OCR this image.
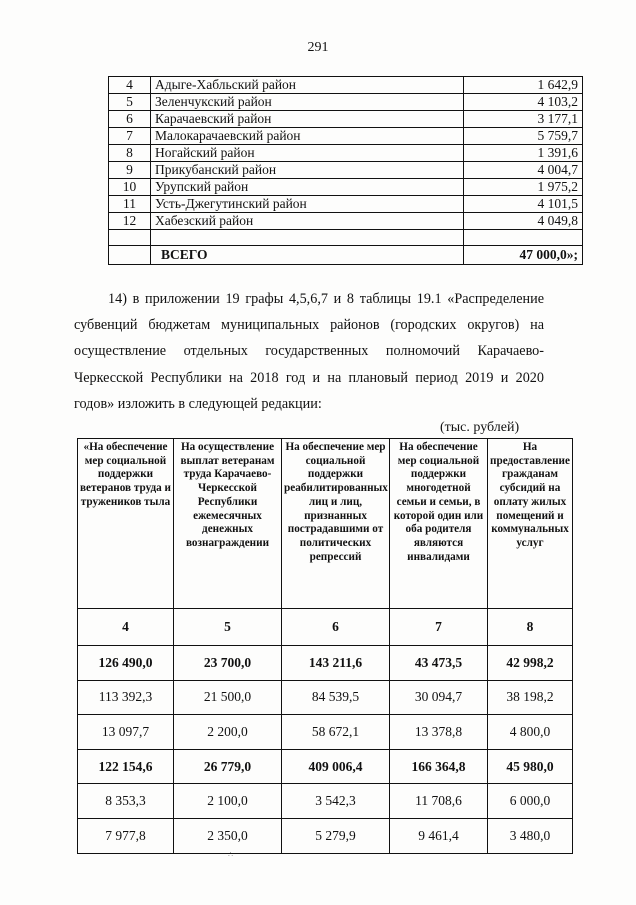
291
4	Адыге-Хабльский район	1 642,9
5	Зеленчукский район	4 103,2
6	Карачаевский район	3 177,1
7	Малокарачаевский район	5 759,7
8	Ногайский район	1 391,6
9	Прикубанский район	4 004,7
10	Урупский район	1 975,2
11	Усть-Джегутинский район	4 101,5
12	Хабезский район	4 049,8

	ВСЕГО	47 000,0»;
14) в приложении 19 графы 4,5,6,7 и 8 таблицы 19.1 «Распределение субвенций бюджетам муниципальных районов (городских округов) на осуществление отдельных государственных полномочий Карачаево-Черкесской Республики на 2018 год и на плановый период 2019 и 2020 годов» изложить в следующей редакции:
(тыс. рублей)
«На обеспечение мер социальной поддержки ветеранов труда и тружеников тыла	На осуществление выплат ветеранам труда Карачаево-Черкесской Республики ежемесячных денежных вознаграждении	На обеспечение мер социальной поддержки реабилитированных лиц и лиц, признанных пострадавшими от политических репрессий	На обеспечение мер социальной поддержки многодетной семьи и семьи, в которой один или оба родителя являются инвалидами	На предоставление гражданам субсидий на оплату жилых помещений и коммунальных услуг
4	5	6	7	8
126 490,0	23 700,0	143 211,6	43 473,5	42 998,2
113 392,3	21 500,0	84 539,5	30 094,7	38 198,2
13 097,7	2 200,0	58 672,1	13 378,8	4 800,0
122 154,6	26 779,0	409 006,4	166 364,8	45 980,0
8 353,3	2 100,0	3 542,3	11 708,6	6 000,0
7 977,8	2 350,0	5 279,9	9 461,4	3 480,0
∴
